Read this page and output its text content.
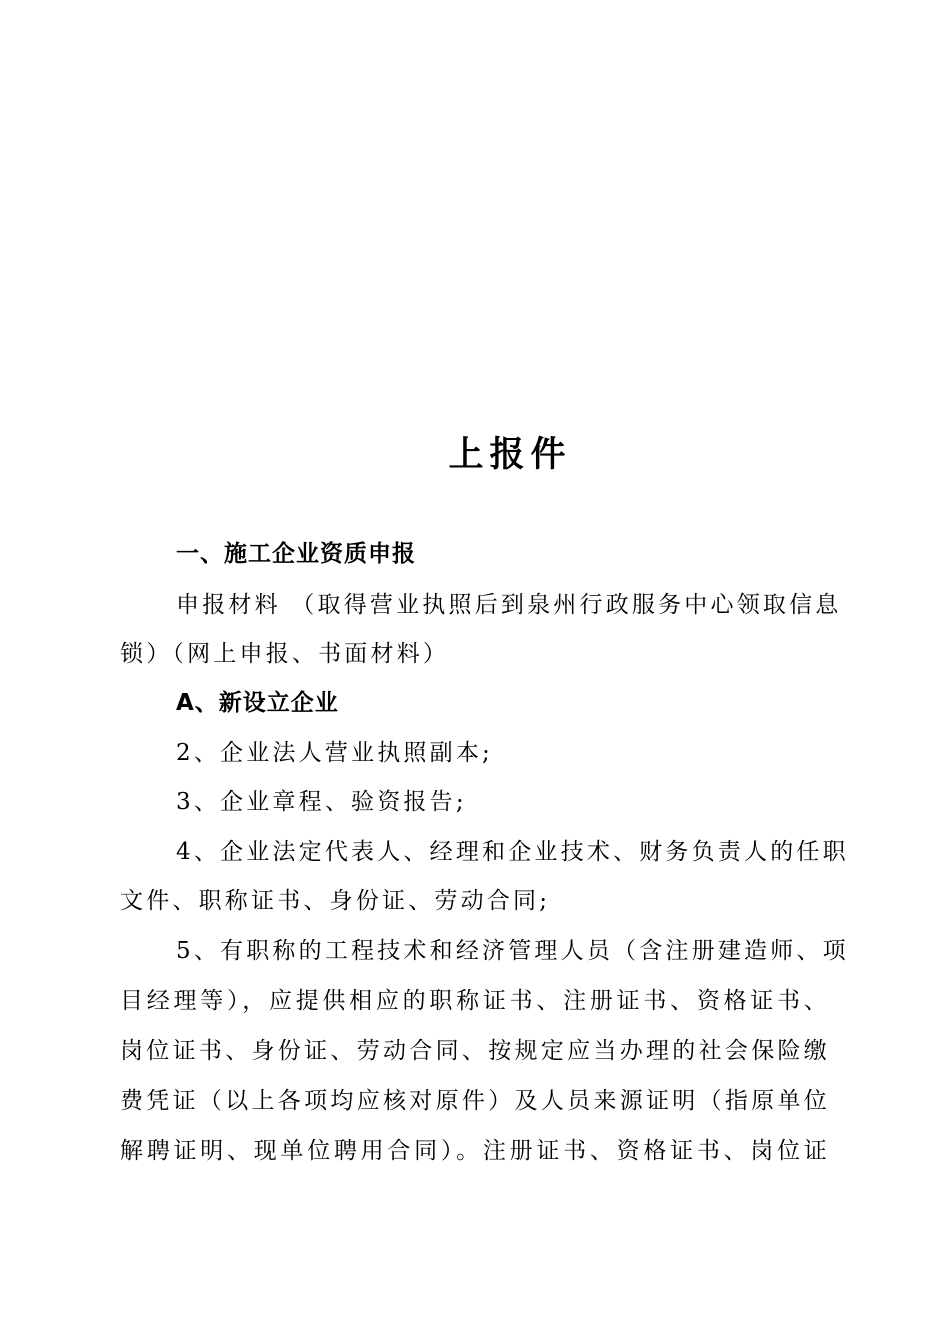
上报件
一、施工企业资质申报
申报材料 （取得营业执照后到泉州行政服务中心领取信息
锁）（网上申报、书面材料）
A、新设立企业
2、企业法人营业执照副本;
3、企业章程、验资报告;
4、企业法定代表人、经理和企业技术、财务负责人的任职
文件、职称证书、身份证、劳动合同;
5、有职称的工程技术和经济管理人员（含注册建造师、项
目经理等），应提供相应的职称证书、注册证书、资格证书、
岗位证书、身份证、劳动合同、按规定应当办理的社会保险缴
费凭证（以上各项均应核对原件）及人员来源证明（指原单位
解聘证明、现单位聘用合同）。注册证书、资格证书、岗位证
